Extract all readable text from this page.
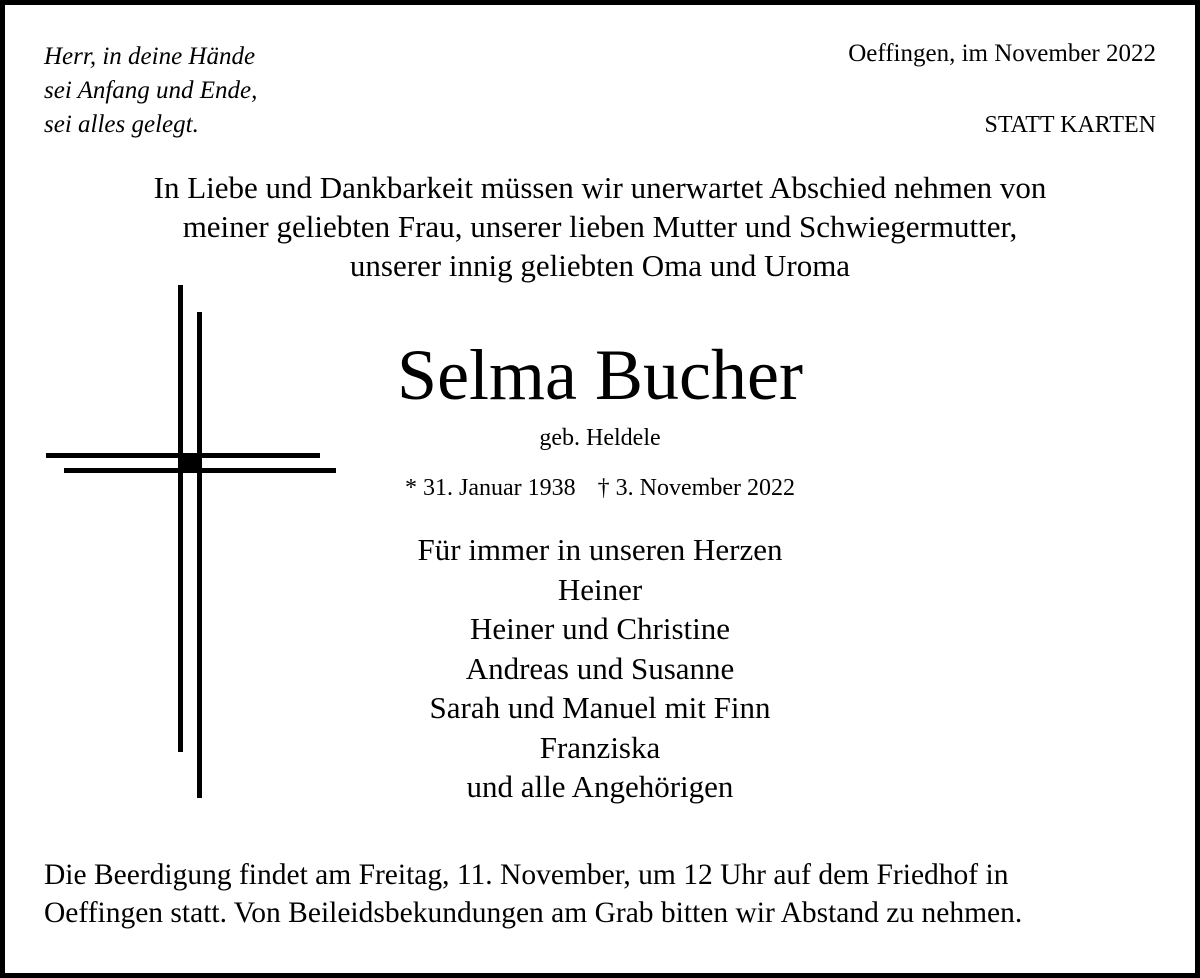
Herr, in deine Hände
sei Anfang und Ende,
sei alles gelegt.
Oeffingen, im November 2022
STATT KARTEN
In Liebe und Dankbarkeit müssen wir unerwartet Abschied nehmen von
meiner geliebten Frau, unserer lieben Mutter und Schwiegermutter,
unserer innig geliebten Oma und Uroma
Selma Bucher
geb. Heldele
* 31. Januar 1938 † 3. November 2022
Für immer in unseren Herzen
Heiner
Heiner und Christine
Andreas und Susanne
Sarah und Manuel mit Finn
Franziska
und alle Angehörigen
Die Beerdigung findet am Freitag, 11. November, um 12 Uhr auf dem Friedhof in
Oeffingen statt. Von Beileidsbekundungen am Grab bitten wir Abstand zu nehmen.
